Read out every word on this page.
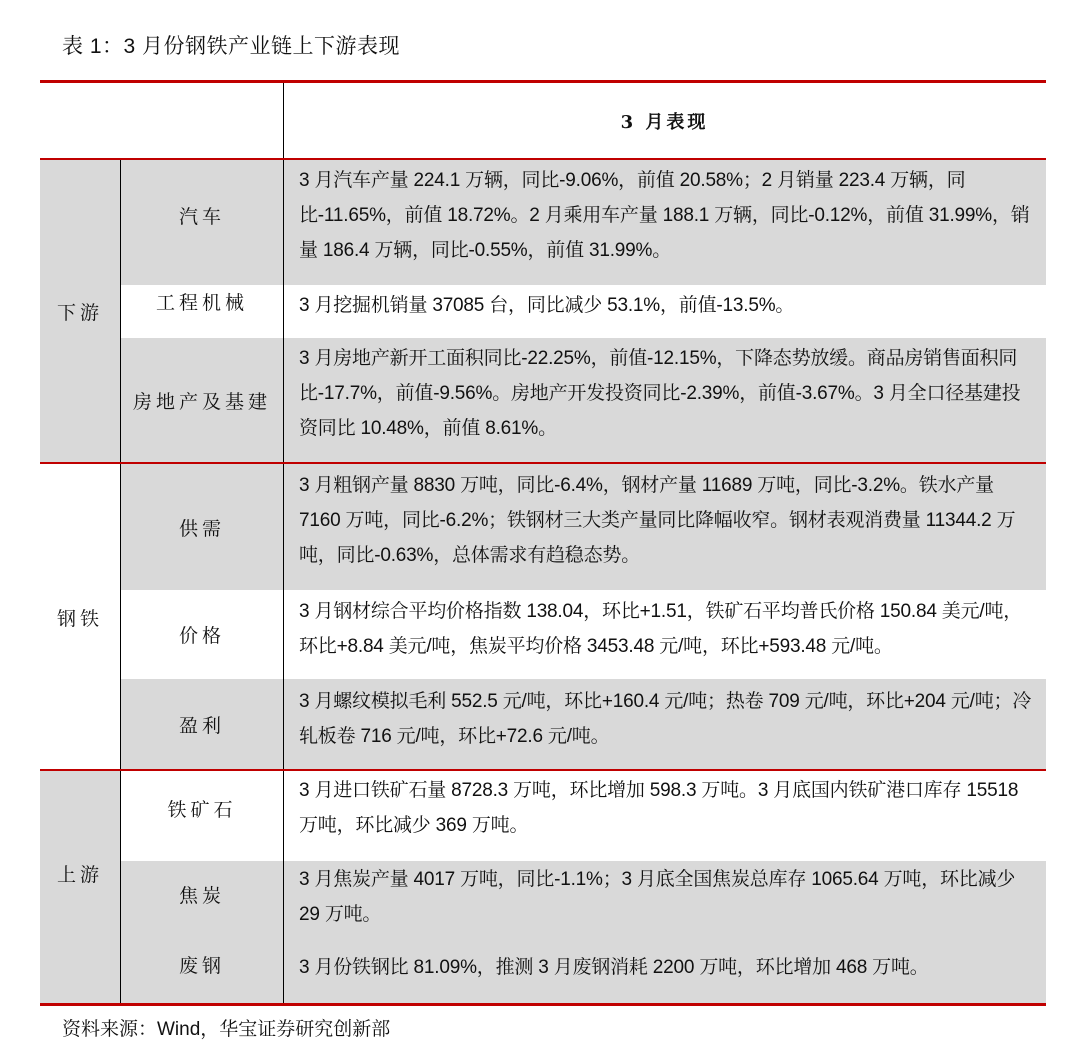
表 1：3 月份钢铁产业链上下游表现
3 月表现
下游
汽车
3 月汽车产量 224.1 万辆，同比-9.06%，前值 20.58%；2 月销量 223.4 万辆，同比-11.65%，前值 18.72%。2 月乘用车产量 188.1 万辆，同比-0.12%，前值 31.99%，销量 186.4 万辆，同比-0.55%，前值 31.99%。
工程机械	3 月挖掘机销量 37085 台，同比减少 53.1%，前值-13.5%。
房地产及基建
3 月房地产新开工面积同比-22.25%，前值-12.15%，下降态势放缓。商品房销售面积同比-17.7%，前值-9.56%。房地产开发投资同比-2.39%，前值-3.67%。3 月全口径基建投资同比 10.48%，前值 8.61%。
钢铁
供需
3 月粗钢产量 8830 万吨，同比-6.4%，钢材产量 11689 万吨，同比-3.2%。铁水产量 7160 万吨，同比-6.2%；铁钢材三大类产量同比降幅收窄。钢材表观消费量 11344.2 万吨，同比-0.63%，总体需求有趋稳态势。
价格
3 月钢材综合平均价格指数 138.04，环比+1.51，铁矿石平均普氏价格 150.84 美元/吨，环比+8.84 美元/吨，焦炭平均价格 3453.48 元/吨，环比+593.48 元/吨。
盈利
3 月螺纹模拟毛利 552.5 元/吨，环比+160.4 元/吨；热卷 709 元/吨，环比+204 元/吨；冷轧板卷 716 元/吨，环比+72.6 元/吨。
上游
铁矿石
3 月进口铁矿石量 8728.3 万吨，环比增加 598.3 万吨。3 月底国内铁矿港口库存 15518 万吨，环比减少 369 万吨。
焦炭
3 月焦炭产量 4017 万吨，同比-1.1%；3 月底全国焦炭总库存 1065.64 万吨，环比减少 29 万吨。
废钢	3 月份铁钢比 81.09%，推测 3 月废钢消耗 2200 万吨，环比增加 468 万吨。
资料来源：Wind，华宝证券研究创新部
